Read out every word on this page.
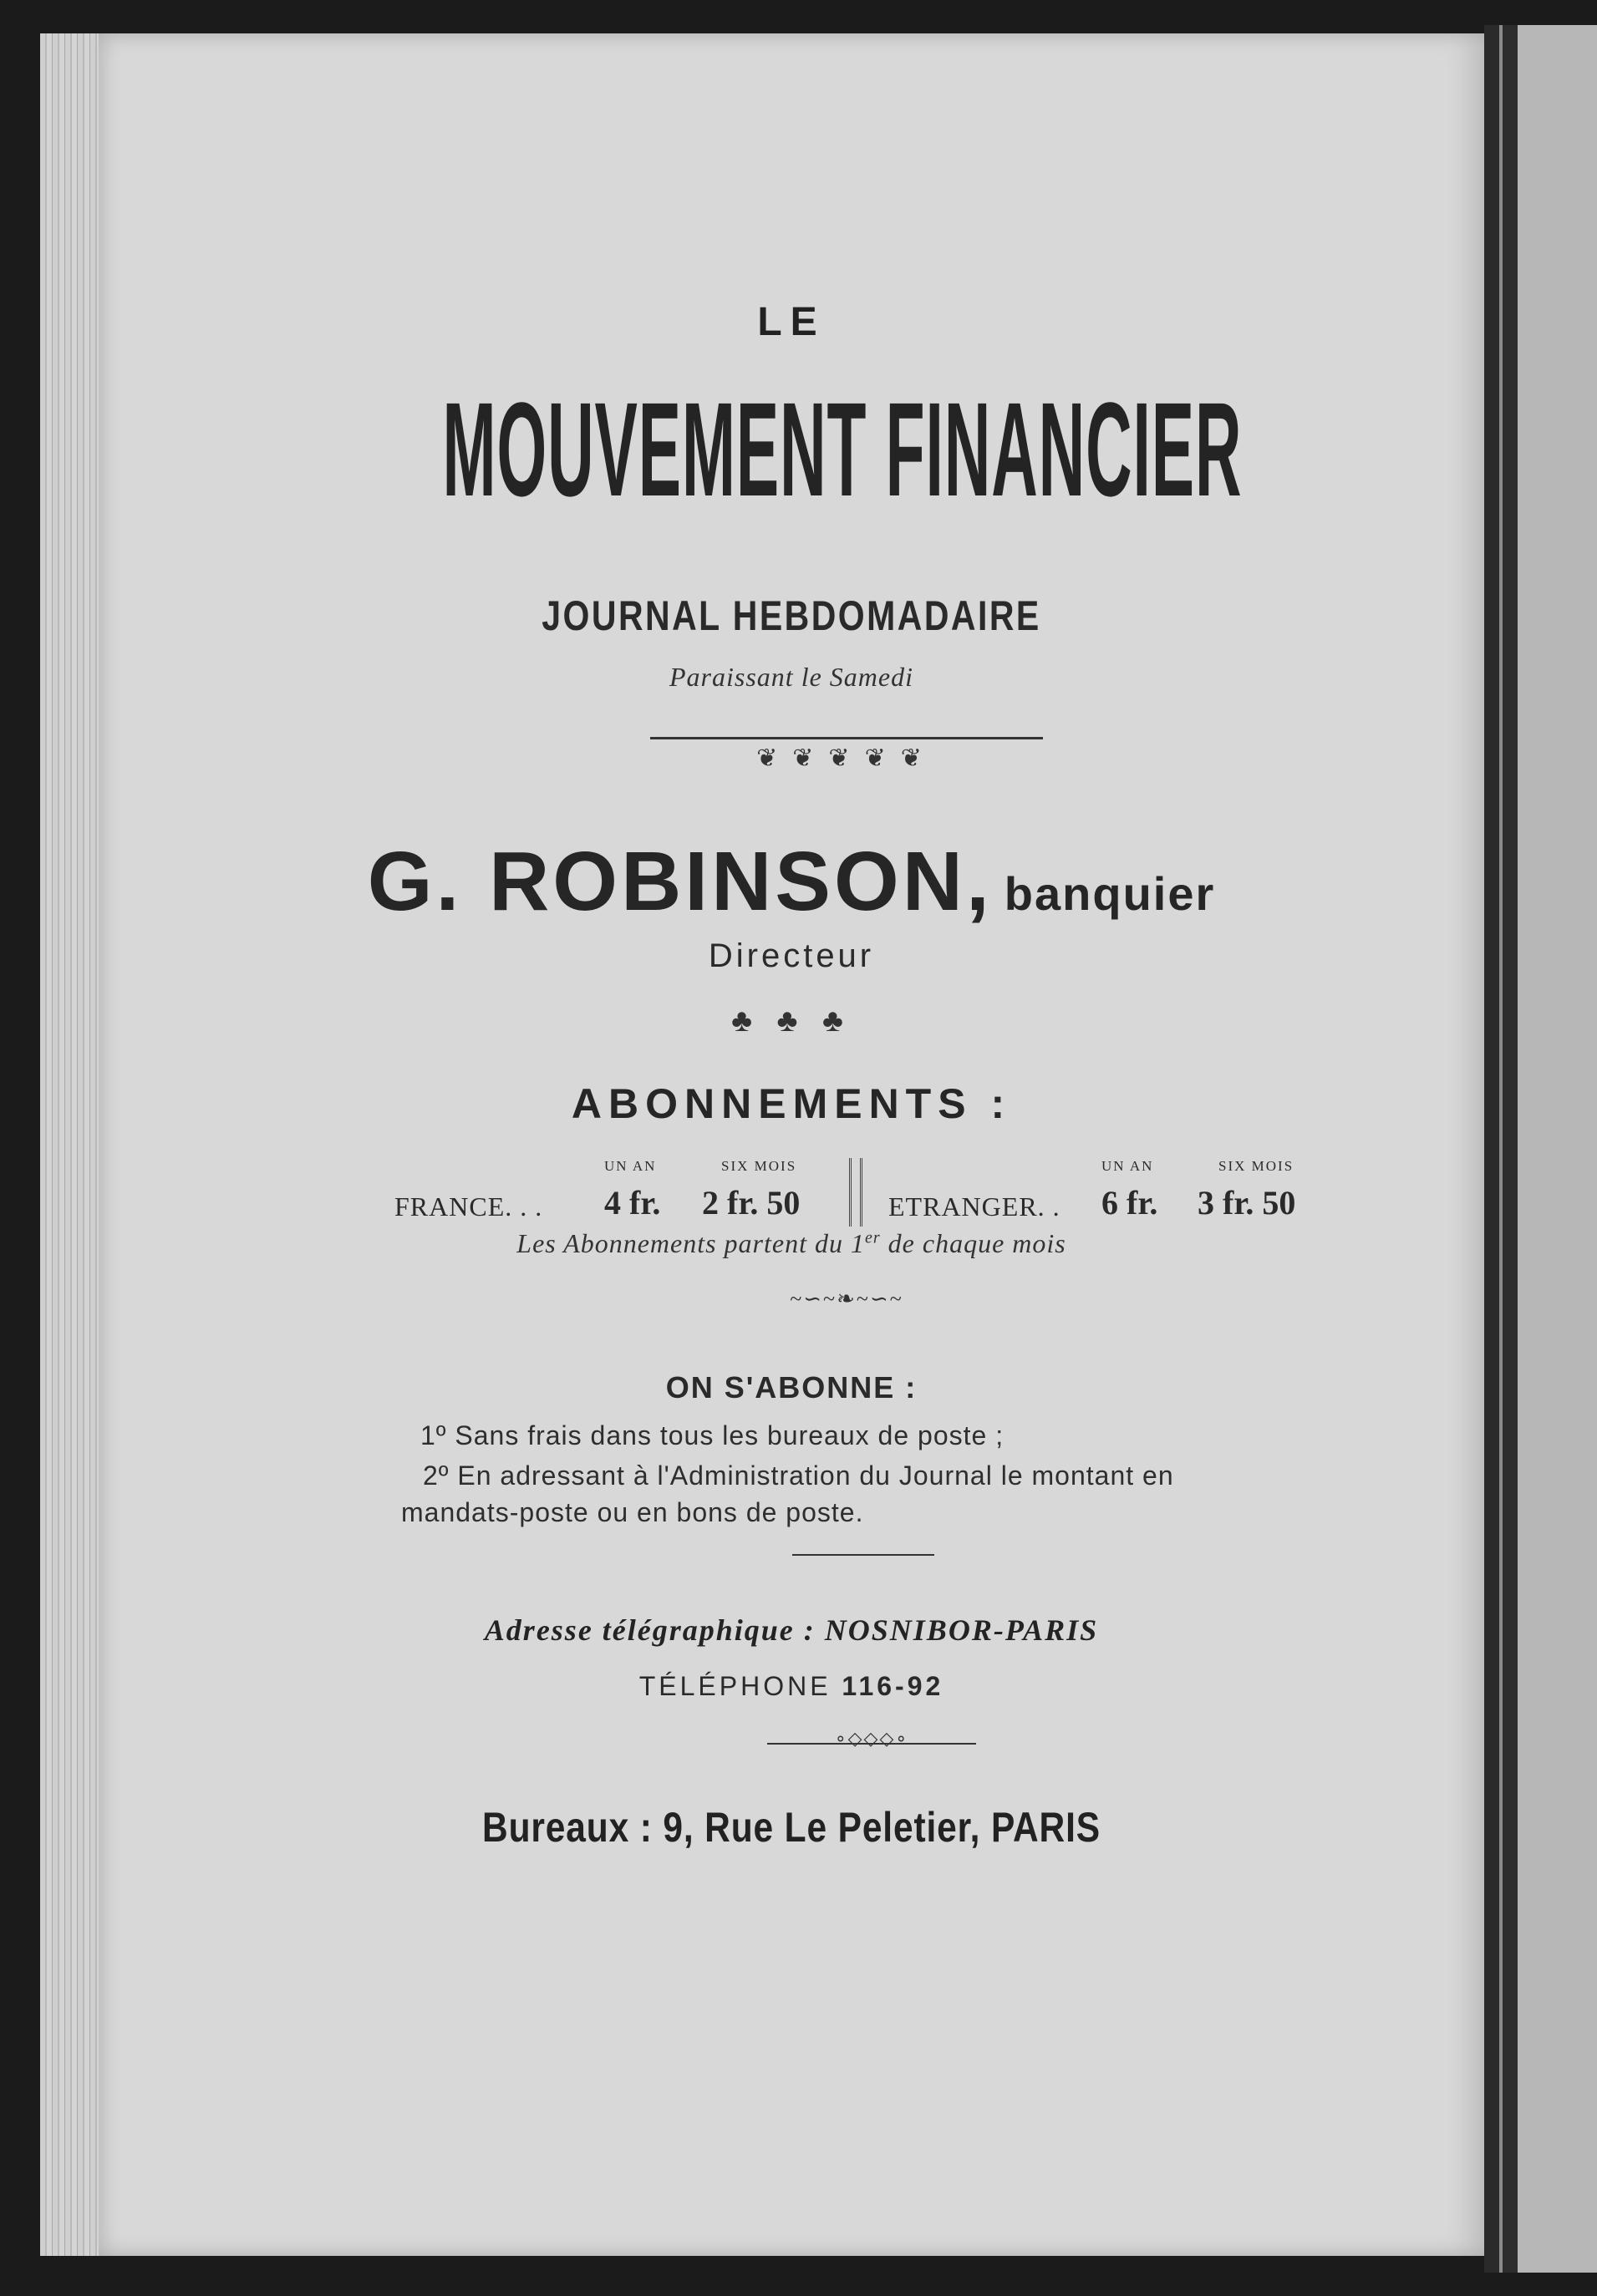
LE
MOUVEMENT FINANCIER
JOURNAL HEBDOMADAIRE
Paraissant le Samedi
❦❦❦❦❦
G. ROBINSON, banquier
Directeur
♣ ♣ ♣
ABONNEMENTS :
FRANCE. . .
UN AN
4 fr.
SIX MOIS
2 fr. 50	ETRANGER. .
UN AN
6 fr.
SIX MOIS
3 fr. 50
Les Abonnements partent du 1er de chaque mois
~∽~❧~∽~
ON S'ABONNE :
1º Sans frais dans tous les bureaux de poste ;
2º En adressant à l'Administration du Journal le montant en
mandats-poste ou en bons de poste.
Adresse télégraphique : NOSNIBOR-PARIS
TÉLÉPHONE 116-92
∘◇◇◇∘
Bureaux : 9, Rue Le Peletier, PARIS
